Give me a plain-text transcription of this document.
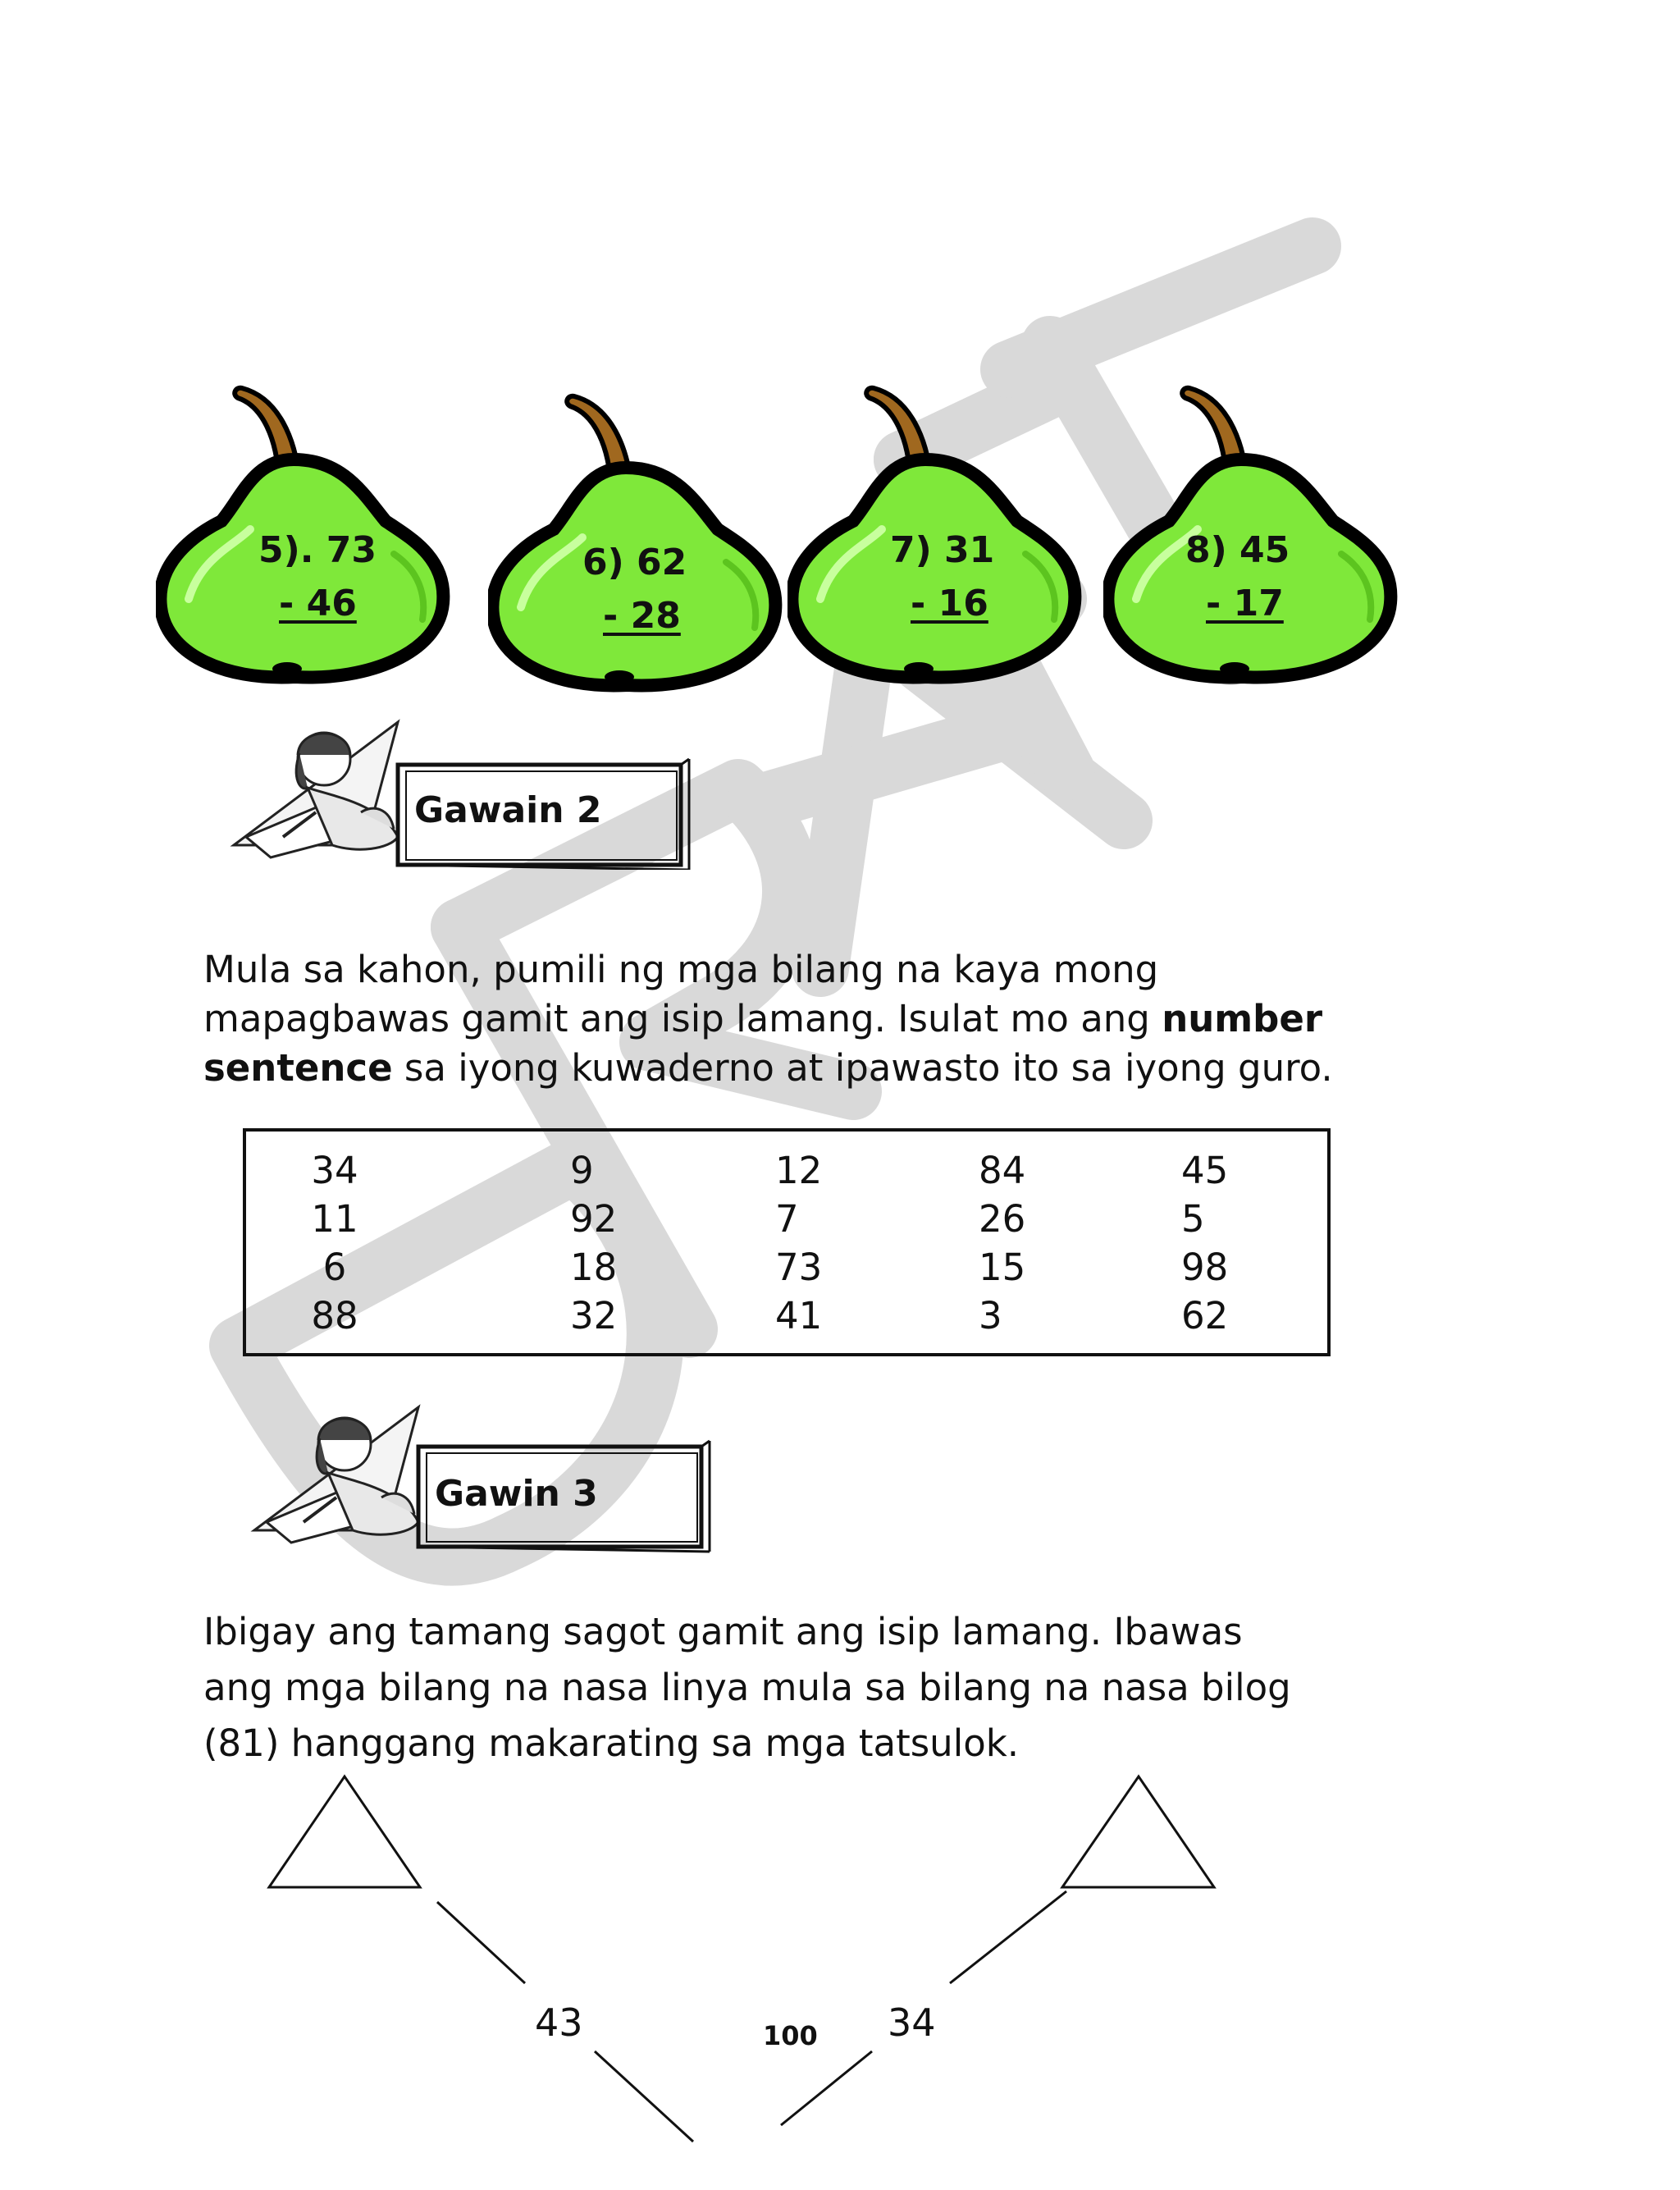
5). 73
- 46
6) 62
- 28
7) 31
- 16
8) 45
- 17
Gawain 2
Mula sa kahon, pumili ng mga bilang na kaya mong
mapagbawas gamit ang isip lamang. Isulat mo ang number
sentence sa iyong kuwaderno at ipawasto ito sa iyong guro.
34
11
6
88
9
92
18
32
12
7
73
41
84
26
15
3
45
5
98
62
Gawin 3
Ibigay ang tamang sagot gamit ang isip lamang. Ibawas
ang mga bilang na nasa linya mula sa bilang na nasa bilog
(81) hanggang makarating sa mga tatsulok.
43	34
100
